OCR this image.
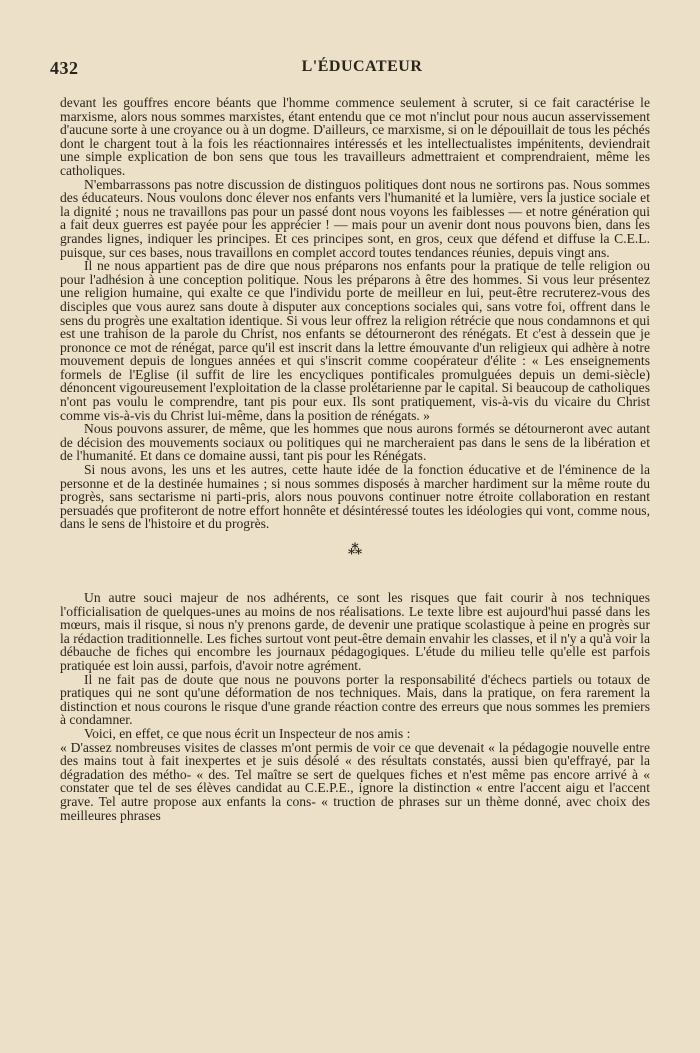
432	L'ÉDUCATEUR

devant les gouffres encore béants que l'homme commence seulement à scruter, si ce fait caractérise le marxisme, alors nous sommes marxistes, étant entendu que ce mot n'inclut pour nous aucun asservissement d'aucune sorte à une croyance ou à un dogme. D'ailleurs, ce marxisme, si on le dépouillait de tous les péchés dont le chargent tout à la fois les réactionnaires intéressés et les intellectualistes impénitents, deviendrait une simple explication de bon sens que tous les travailleurs admettraient et comprendraient, même les catholiques.

N'embarrassons pas notre discussion de distinguos politiques dont nous ne sortirons pas. Nous sommes des éducateurs. Nous voulons donc élever nos enfants vers l'humanité et la lumière, vers la justice sociale et la dignité ; nous ne travaillons pas pour un passé dont nous voyons les faiblesses — et notre génération qui a fait deux guerres est payée pour les apprécier ! — mais pour un avenir dont nous pouvons bien, dans les grandes lignes, indiquer les principes. Et ces principes sont, en gros, ceux que défend et diffuse la C.E.L. puisque, sur ces bases, nous travaillons en complet accord toutes tendances réunies, depuis vingt ans.

Il ne nous appartient pas de dire que nous préparons nos enfants pour la pratique de telle religion ou pour l'adhésion à une conception politique. Nous les préparons à être des hommes. Si vous leur présentez une religion humaine, qui exalte ce que l'individu porte de meilleur en lui, peut-être recruterez-vous des disciples que vous aurez sans doute à disputer aux conceptions sociales qui, sans votre foi, offrent dans le sens du progrès une exaltation identique. Si vous leur offrez la religion rétrécie que nous condamnons et qui est une trahison de la parole du Christ, nos enfants se détourneront des rénégats. Et c'est à dessein que je prononce ce mot de rénégat, parce qu'il est inscrit dans la lettre émouvante d'un religieux qui adhère à notre mouvement depuis de longues années et qui s'inscrit comme coopérateur d'élite : « Les enseignements formels de l'Eglise (il suffit de lire les encycliques pontificales promulguées depuis un demi-siècle) dénoncent vigoureusement l'exploitation de la classe prolétarienne par le capital. Si beaucoup de catholiques n'ont pas voulu le comprendre, tant pis pour eux. Ils sont pratiquement, vis-à-vis du vicaire du Christ comme vis-à-vis du Christ lui-même, dans la position de rénégats. »

Nous pouvons assurer, de même, que les hommes que nous aurons formés se détourneront avec autant de décision des mouvements sociaux ou politiques qui ne marcheraient pas dans le sens de la libération et de l'humanité. Et dans ce domaine aussi, tant pis pour les Rénégats.

Si nous avons, les uns et les autres, cette haute idée de la fonction éducative et de l'éminence de la personne et de la destinée humaines ; si nous sommes disposés à marcher hardiment sur la même route du progrès, sans sectarisme ni parti-pris, alors nous pouvons continuer notre étroite collaboration en restant persuadés que profiteront de notre effort honnête et désintéressé toutes les idéologies qui vont, comme nous, dans le sens de l'histoire et du progrès.

⁂

Un autre souci majeur de nos adhérents, ce sont les risques que fait courir à nos techniques l'officialisation de quelques-unes au moins de nos réalisations. Le texte libre est aujourd'hui passé dans les mœurs, mais il risque, si nous n'y prenons garde, de devenir une pratique scolastique à peine en progrès sur la rédaction traditionnelle. Les fiches surtout vont peut-être demain envahir les classes, et il n'y a qu'à voir la débauche de fiches qui encombre les journaux pédagogiques. L'étude du milieu telle qu'elle est parfois pratiquée est loin aussi, parfois, d'avoir notre agrément.

Il ne fait pas de doute que nous ne pouvons porter la responsabilité d'échecs partiels ou totaux de pratiques qui ne sont qu'une déformation de nos techniques. Mais, dans la pratique, on fera rarement la distinction et nous courons le risque d'une grande réaction contre des erreurs que nous sommes les premiers à condamner.

Voici, en effet, ce que nous écrit un Inspecteur de nos amis :

« D'assez nombreuses visites de classes m'ont permis de voir ce que devenait « la pédagogie nouvelle entre des mains tout à fait inexpertes et je suis désolé « des résultats constatés, aussi bien qu'effrayé, par la dégradation des métho- « des. Tel maître se sert de quelques fiches et n'est même pas encore arrivé à « constater que tel de ses élèves candidat au C.E.P.E., ignore la distinction « entre l'accent aigu et l'accent grave. Tel autre propose aux enfants la cons- « truction de phrases sur un thème donné, avec choix des meilleures phrases
